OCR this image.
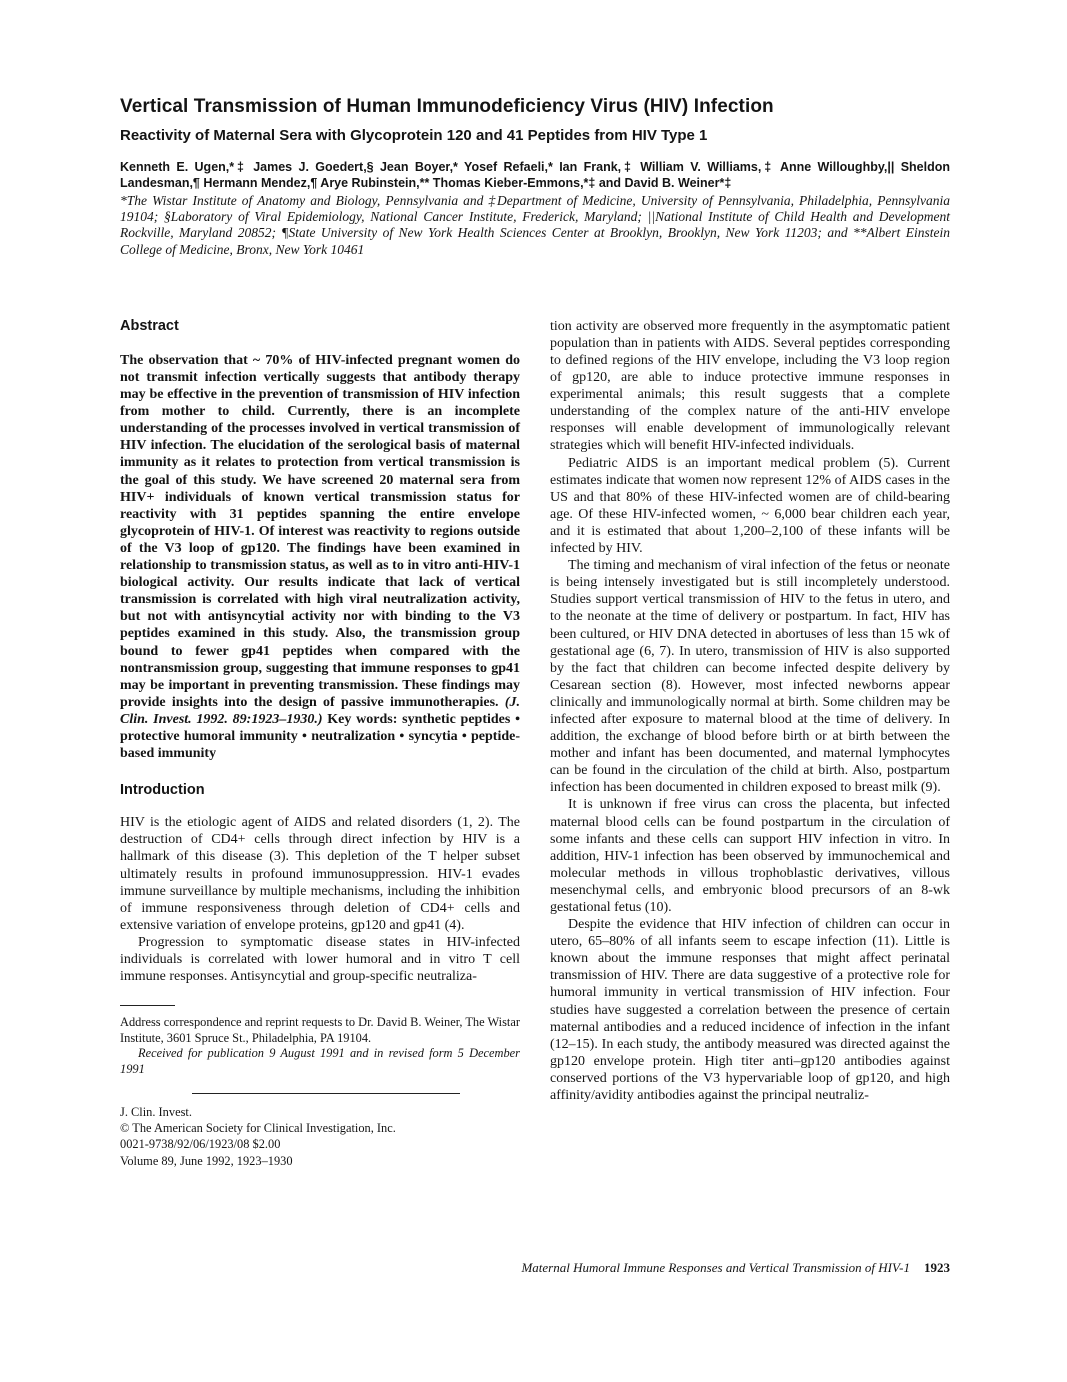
Vertical Transmission of Human Immunodeficiency Virus (HIV) Infection
Reactivity of Maternal Sera with Glycoprotein 120 and 41 Peptides from HIV Type 1
Kenneth E. Ugen,*‡ James J. Goedert,§ Jean Boyer,* Yosef Refaeli,* Ian Frank,‡ William V. Williams,‡ Anne Willoughby,|| Sheldon Landesman,¶ Hermann Mendez,¶ Arye Rubinstein,** Thomas Kieber-Emmons,*‡ and David B. Weiner*‡
*The Wistar Institute of Anatomy and Biology, Pennsylvania and ‡Department of Medicine, University of Pennsylvania, Philadelphia, Pennsylvania 19104; §Laboratory of Viral Epidemiology, National Cancer Institute, Frederick, Maryland; ||National Institute of Child Health and Development Rockville, Maryland 20852; ¶State University of New York Health Sciences Center at Brooklyn, Brooklyn, New York 11203; and **Albert Einstein College of Medicine, Bronx, New York 10461
Abstract

The observation that ~ 70% of HIV-infected pregnant women do not transmit infection vertically suggests that antibody therapy may be effective in the prevention of transmission of HIV infection from mother to child. Currently, there is an incomplete understanding of the processes involved in vertical transmission of HIV infection. The elucidation of the serological basis of maternal immunity as it relates to protection from vertical transmission is the goal of this study. We have screened 20 maternal sera from HIV+ individuals of known vertical transmission status for reactivity with 31 peptides spanning the entire envelope glycoprotein of HIV-1. Of interest was reactivity to regions outside of the V3 loop of gp120. The findings have been examined in relationship to transmission status, as well as to in vitro anti-HIV-1 biological activity. Our results indicate that lack of vertical transmission is correlated with high viral neutralization activity, but not with antisyncytial activity nor with binding to the V3 peptides examined in this study. Also, the transmission group bound to fewer gp41 peptides when compared with the nontransmission group, suggesting that immune responses to gp41 may be important in preventing transmission. These findings may provide insights into the design of passive immunotherapies. (J. Clin. Invest. 1992. 89:1923–1930.) Key words: synthetic peptides • protective humoral immunity • neutralization • syncytia • peptide-based immunity

Introduction

HIV is the etiologic agent of AIDS and related disorders (1, 2). The destruction of CD4+ cells through direct infection by HIV is a hallmark of this disease (3). This depletion of the T helper subset ultimately results in profound immunosuppression. HIV-1 evades immune surveillance by multiple mechanisms, including the inhibition of immune responsiveness through deletion of CD4+ cells and extensive variation of envelope proteins, gp120 and gp41 (4).

Progression to symptomatic disease states in HIV-infected individuals is correlated with lower humoral and in vitro T cell immune responses. Antisyncytial and group-specific neutraliza-

Address correspondence and reprint requests to Dr. David B. Weiner, The Wistar Institute, 3601 Spruce St., Philadelphia, PA 19104.

Received for publication 9 August 1991 and in revised form 5 December 1991

J. Clin. Invest.
© The American Society for Clinical Investigation, Inc.
0021-9738/92/06/1923/08 $2.00
Volume 89, June 1992, 1923–1930

tion activity are observed more frequently in the asymptomatic patient population than in patients with AIDS. Several peptides corresponding to defined regions of the HIV envelope, including the V3 loop region of gp120, are able to induce protective immune responses in experimental animals; this result suggests that a complete understanding of the complex nature of the anti-HIV envelope responses will enable development of immunologically relevant strategies which will benefit HIV-infected individuals.

Pediatric AIDS is an important medical problem (5). Current estimates indicate that women now represent 12% of AIDS cases in the US and that 80% of these HIV-infected women are of child-bearing age. Of these HIV-infected women, ~ 6,000 bear children each year, and it is estimated that about 1,200–2,100 of these infants will be infected by HIV.

The timing and mechanism of viral infection of the fetus or neonate is being intensely investigated but is still incompletely understood. Studies support vertical transmission of HIV to the fetus in utero, and to the neonate at the time of delivery or postpartum. In fact, HIV has been cultured, or HIV DNA detected in abortuses of less than 15 wk of gestational age (6, 7). In utero, transmission of HIV is also supported by the fact that children can become infected despite delivery by Cesarean section (8). However, most infected newborns appear clinically and immunologically normal at birth. Some children may be infected after exposure to maternal blood at the time of delivery. In addition, the exchange of blood before birth or at birth between the mother and infant has been documented, and maternal lymphocytes can be found in the circulation of the child at birth. Also, postpartum infection has been documented in children exposed to breast milk (9).

It is unknown if free virus can cross the placenta, but infected maternal blood cells can be found postpartum in the circulation of some infants and these cells can support HIV infection in vitro. In addition, HIV-1 infection has been observed by immunochemical and molecular methods in villous trophoblastic derivatives, villous mesenchymal cells, and embryonic blood precursors of an 8-wk gestational fetus (10).

Despite the evidence that HIV infection of children can occur in utero, 65–80% of all infants seem to escape infection (11). Little is known about the immune responses that might affect perinatal transmission of HIV. There are data suggestive of a protective role for humoral immunity in vertical transmission of HIV infection. Four studies have suggested a correlation between the presence of certain maternal antibodies and a reduced incidence of infection in the infant (12–15). In each study, the antibody measured was directed against the gp120 envelope protein. High titer anti–gp120 antibodies against conserved portions of the V3 hypervariable loop of gp120, and high affinity/avidity antibodies against the principal neutraliz-

Maternal Humoral Immune Responses and Vertical Transmission of HIV-1 1923
